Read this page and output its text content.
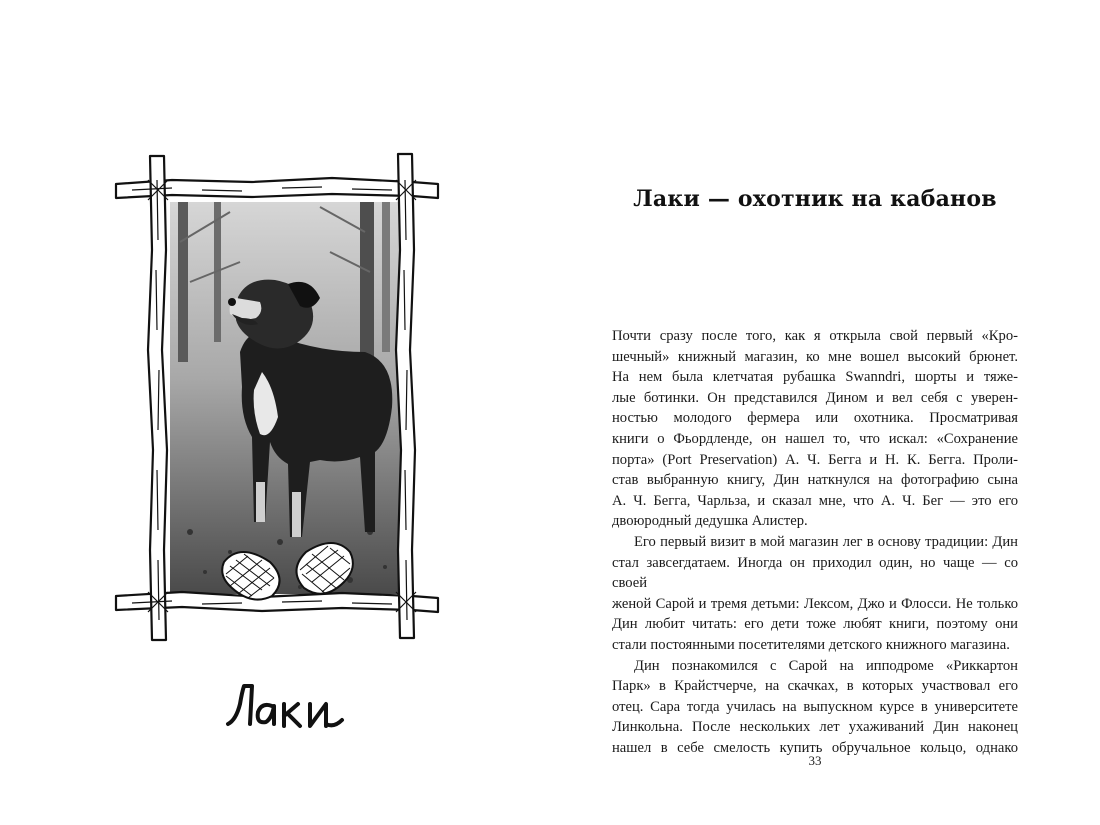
Лаки — охотник на кабанов

Почти сразу после того, как я открыла свой первый «Кро-

шечный» книжный магазин, ко мне вошел высокий брюнет.

На нем была клетчатая рубашка Swanndri, шорты и тяже-

лые ботинки. Он представился Дином и вел себя с уверен-

ностью молодого фермера или охотника. Просматривая

книги о Фьордленде, он нашел то, что искал: «Сохранение

порта» (Port Preservation) А. Ч. Бегга и Н. К. Бегга. Проли-

став выбранную книгу, Дин наткнулся на фотографию сына

А. Ч. Бегга, Чарльза, и сказал мне, что А. Ч. Бег — это его

двоюродный дедушка Алистер.

Его первый визит в мой магазин лег в основу традиции: Дин

стал завсегдатаем. Иногда он приходил один, но чаще — со своей

женой Сарой и тремя детьми: Лексом, Джо и Флосси. Не только

Дин любит читать: его дети тоже любят книги, поэтому они

стали постоянными посетителями детского книжного магазина.

Дин познакомился с Сарой на ипподроме «Риккартон

Парк» в Крайстчерче, на скачках, в которых участвовал его

отец. Сара тогда училась на выпускном курсе в университете

Линкольна. После нескольких лет ухаживаний Дин наконец

нашел в себе смелость купить обручальное кольцо, однако

33
